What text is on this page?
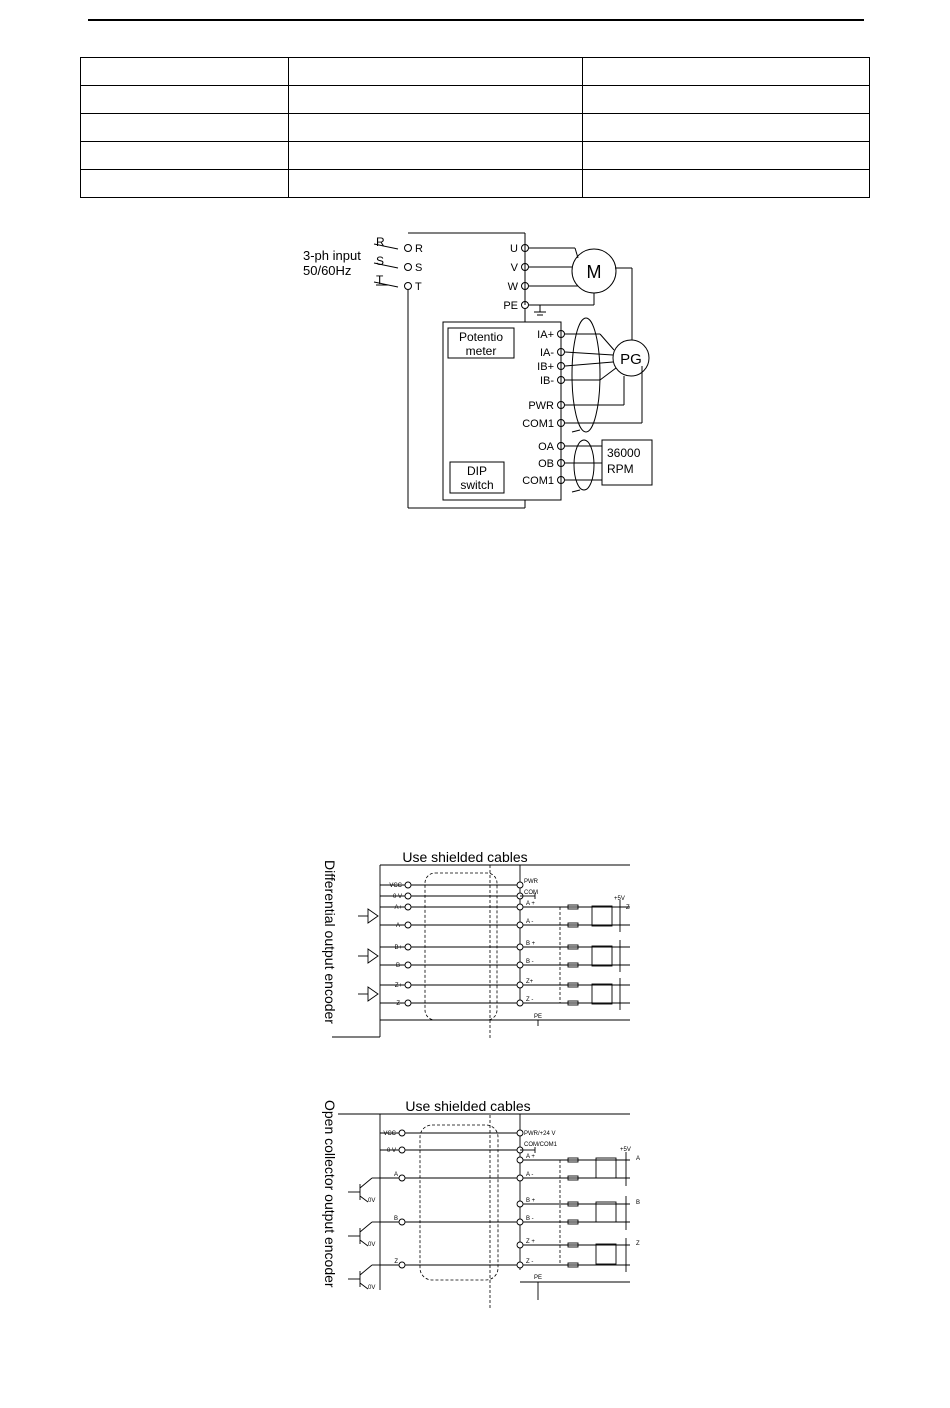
3-ph input
50/60Hz
R
S
T
R
S
T
U
V
W
PE
M
PG
IA+
IA-
IB+
IB-
PWR
COM1
OA
OB
COM1
36000
RPM
Potentio
meter
DIP
switch
Use shielded cables
Differential output encoder	VCC
0 V
A+
A-
B+
B-
Z+
Z-
PWR
COM
A +
A -
B +
B -
Z+
Z -
PE
+5V
Z
Use shielded cables
Open collector output encoder	VCC
0 V
A
B
Z
0V
0V
0V
PWR/+24 V
COM/COM1
A +
A -
B +
B -
Z +
Z -
PE
+5V
A
B
Z
